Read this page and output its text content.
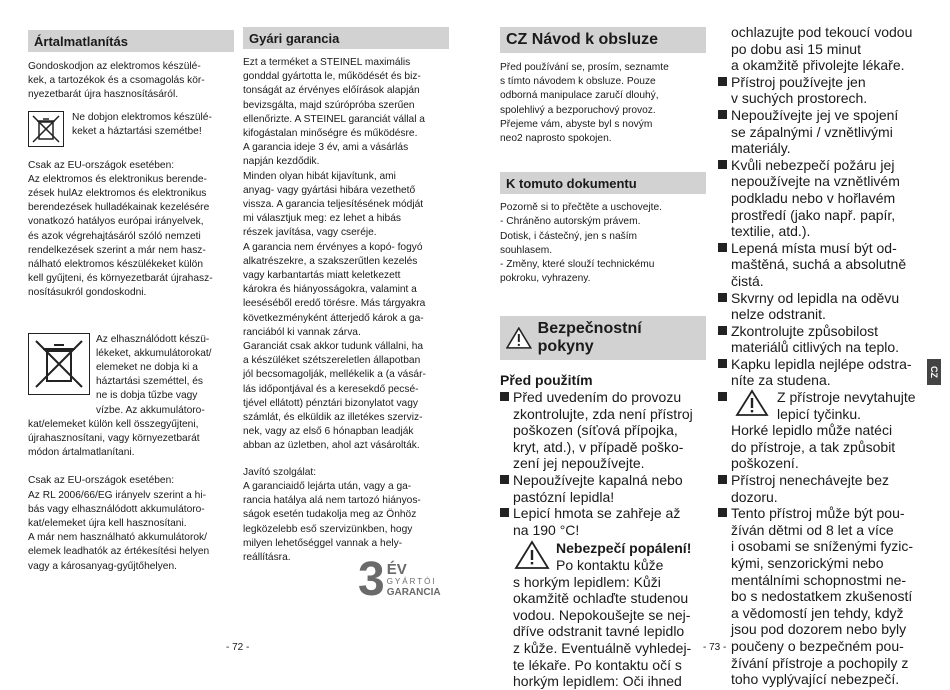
Ártalmatlanítás

Gondoskodjon az elektromos készülé-
kek, a tartozékok és a csomagolás kör-
nyezetbarát újra hasznosításáról.

Ne dobjon elektromos készülé-
keket a háztartási szemétbe!

Csak az EU-országok esetében:
Az elektromos és elektronikus berende-
zések hulAz elektromos és elektronikus
berendezések hulladékainak kezelésére
vonatkozó hatályos európai irányelvek,
és azok végrehajtásáról szóló nemzeti
rendelkezések szerint a már nem hasz-
nálható elektromos készülékeket külön
kell gyűjteni, és környezetbarát újrahasz-
nosításukról gondoskodni.

Az elhasználódott készü-
lékeket, akkumulátorokat/
elemeket ne dobja ki a
háztartási szeméttel, és
ne is dobja tűzbe vagy
vízbe. Az akkumulátoro-

kat/elemeket külön kell összegyűjteni,
újrahasznosítani, vagy környezetbarát
módon ártalmatlanítani.

Csak az EU-országok esetében:
Az RL 2006/66/EG irányelv szerint a hi-
bás vagy elhasználódott akkumulátoro-
kat/elemeket újra kell hasznosítani.
A már nem használható akkumulátorok/
elemek leadhatók az értékesítési helyen
vagy a károsanyag-gyűjtőhelyen.

Gyári garancia

Ezt a terméket a STEINEL maximális
gonddal gyártotta le, működését és biz-
tonságát az érvényes előírások alapján
bevizsgálta, majd szúrópróba szerűen
ellenőrizte. A STEINEL garanciát vállal a
kifogástalan minőségre és működésre.
A garancia ideje 3 év, ami a vásárlás
napján kezdődik.
Minden olyan hibát kijavítunk, ami
anyag- vagy gyártási hibára vezethető
vissza. A garancia teljesítésének módját
mi választjuk meg: ez lehet a hibás
részek javítása, vagy cseréje.
A garancia nem érvényes a kopó- fogyó
alkatrészekre, a szakszerűtlen kezelés
vagy karbantartás miatt keletkezett
károkra és hiányosságokra, valamint a
leeséséből eredő törésre. Más tárgyakra
következményként átterjedő károk a ga-
ranciából ki vannak zárva.
Garanciát csak akkor tudunk vállalni, ha
a készüléket szétszereletlen állapotban
jól becsomagolják, mellékelik a (a vásár-
lás időpontjával és a keresekdő pecsé-
tjével ellátott) pénztári bizonylatot vagy
számlát, és elküldik az illetékes szerviz-
nek, vagy az első 6 hónapban leadják
abban az üzletben, ahol azt vásárolták.

Javító szolgálat:

A garanciaidő lejárta után, vagy a ga-
rancia hatálya alá nem tartozó hiányos-
ságok esetén tudakolja meg az Önhöz
legközelebb eső szervizünkben, hogy
milyen lehetőséggel vannak a hely-
reállításra.	3 ÉV
GYÁRTÓI
GARANCIA
- 72 -
CZ Návod k obsluze

Před používání se, prosím, seznamte
s tímto návodem k obsluze. Pouze
odborná manipulace zaručí dlouhý,
spolehlivý a bezporuchový provoz.
Přejeme vám, abyste byl s novým
neo2 naprosto spokojen.

K tomuto dokumentu

Pozorně si to přečtěte a uschovejte.
- Chráněno autorským právem.
Dotisk, i částečný, jen s naším
souhlasem.
- Změny, které slouží technickému
pokroku, vyhrazeny.

Bezpečnostní pokyny
Před použitím

Před uvedením do provozu
zkontrolujte, zda není přístroj
poškozen (síťová přípojka,
kryt, atd.), v případě poško-
zení jej nepoužívejte.

Nepoužívejte kapalná nebo
pastózní lepidla!

Lepicí hmota se zahřeje až
na 190 °C!

Nebezpečí popálení!
Po kontaktu kůže

s horkým lepidlem: Kůži
okamžitě ochlaďte studenou
vodou. Nepokoušejte se nej-
dříve odstranit tavné lepidlo
z kůže. Eventuálně vyhledej-
te lékaře. Po kontaktu očí s
horkým lepidlem: Oči ihned

ochlazujte pod tekoucí vodou
po dobu asi 15 minut
a okamžitě přivolejte lékaře.

Přístroj používejte jen
v suchých prostorech.

Nepoužívejte jej ve spojení
se zápalnými / vznětlivými
materiály.

Kvůli nebezpečí požáru jej
nepoužívejte na vznětlivém
podkladu nebo v hořlavém
prostředí (jako např. papír,
textilie, atd.).

Lepená místa musí být od-
maštěná, suchá a absolutně
čistá.

Skvrny od lepidla na oděvu
nelze odstranit.

Zkontrolujte způsobilost
materiálů citlivých na teplo.

Kapku lepidla nejlépe odstra-
níte za studena.

Z přístroje nevytahujte
lepicí tyčinku.

Horké lepidlo může natéci
do přístroje, a tak způsobit
poškození.

Přístroj nenechávejte bez
dozoru.

Tento přístroj může být pou-
žíván dětmi od 8 let a více
i osobami se sníženými fyzic-
kými, senzorickými nebo
mentálními schopnostmi ne-
bo s nedostatkem zkušeností
a vědomostí jen tehdy, když
jsou pod dozorem nebo byly
poučeny o bezpečném pou-
žívání přístroje a pochopily z
toho vyplývající nebezpečí.

CZ
- 73 -
